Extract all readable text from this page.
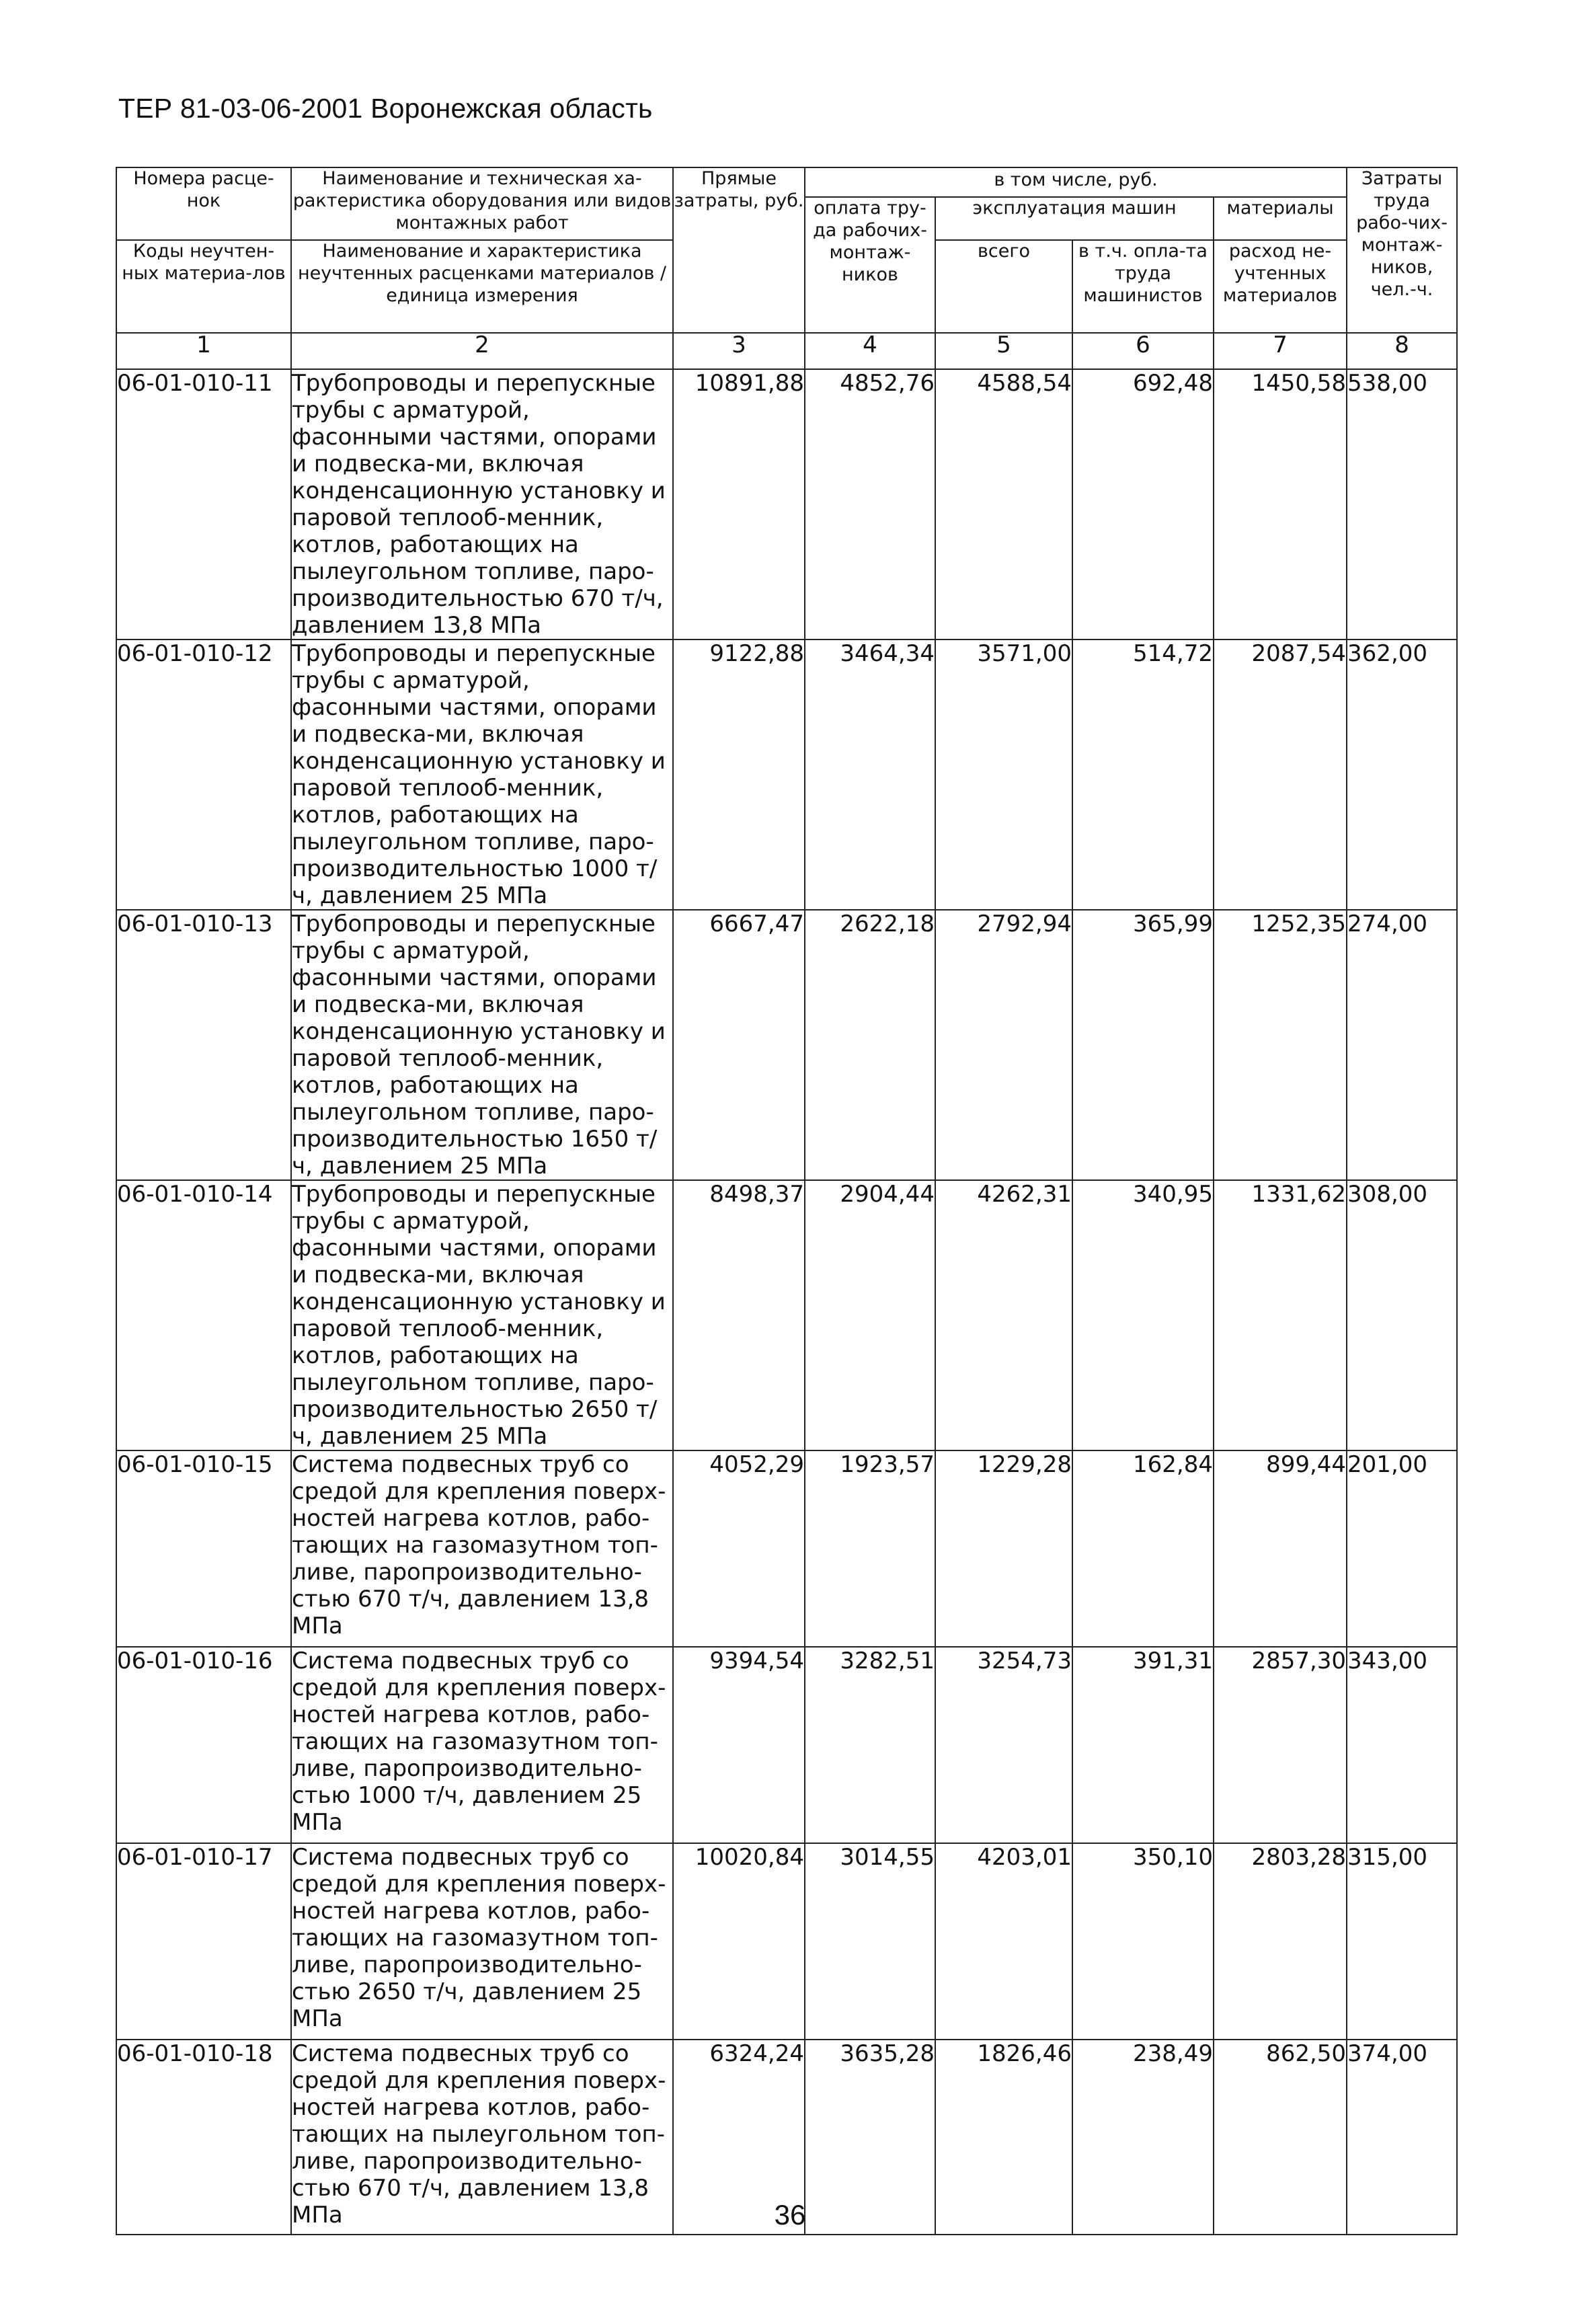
ТЕР 81-03-06-2001 Воронежская область
Номера расце-нок	Наименование и техническая ха-рактеристика оборудования или видов монтажных работ	Прямые затраты, руб.	в том числе, руб.				Затраты труда рабо-чих-монтаж-ников, чел.-ч.
			оплата тру-да рабочих-монтаж-ников	эксплуатация машин		материалы	
Коды неучтен-ных материа-лов	Наименование и характеристика неучтенных расценками материалов / единица измерения			всего	в т.ч. опла-та труда машинистов	расход не-учтенных материалов	

1	2	3	4	5	6	7	8
06-01-010-11	Трубопроводы и перепускные трубы с арматурой, фасонными частями, опорами и подвеска-ми, включая конденсационную установку и паровой теплооб-менник, котлов, работающих на пылеугольном топливе, паро-производительностью 670 т/ч, давлением 13,8 МПа	10891,88	4852,76	4588,54	692,48	1450,58	538,00
06-01-010-12	Трубопроводы и перепускные трубы с арматурой, фасонными частями, опорами и подвеска-ми, включая конденсационную установку и паровой теплооб-менник, котлов, работающих на пылеугольном топливе, паро-производительностью 1000 т/ч, давлением 25 МПа	9122,88	3464,34	3571,00	514,72	2087,54	362,00
06-01-010-13	Трубопроводы и перепускные трубы с арматурой, фасонными частями, опорами и подвеска-ми, включая конденсационную установку и паровой теплооб-менник, котлов, работающих на пылеугольном топливе, паро-производительностью 1650 т/ч, давлением 25 МПа	6667,47	2622,18	2792,94	365,99	1252,35	274,00
06-01-010-14	Трубопроводы и перепускные трубы с арматурой, фасонными частями, опорами и подвеска-ми, включая конденсационную установку и паровой теплооб-менник, котлов, работающих на пылеугольном топливе, паро-производительностью 2650 т/ч, давлением 25 МПа	8498,37	2904,44	4262,31	340,95	1331,62	308,00
06-01-010-15	Система подвесных труб со средой для крепления поверх-ностей нагрева котлов, рабо-тающих на газомазутном топ-ливе, паропроизводительно-стью 670 т/ч, давлением 13,8 МПа	4052,29	1923,57	1229,28	162,84	899,44	201,00
06-01-010-16	Система подвесных труб со средой для крепления поверх-ностей нагрева котлов, рабо-тающих на газомазутном топ-ливе, паропроизводительно-стью 1000 т/ч, давлением 25 МПа	9394,54	3282,51	3254,73	391,31	2857,30	343,00
06-01-010-17	Система подвесных труб со средой для крепления поверх-ностей нагрева котлов, рабо-тающих на газомазутном топ-ливе, паропроизводительно-стью 2650 т/ч, давлением 25 МПа	10020,84	3014,55	4203,01	350,10	2803,28	315,00
06-01-010-18	Система подвесных труб со средой для крепления поверх-ностей нагрева котлов, рабо-тающих на пылеугольном топ-ливе, паропроизводительно-стью 670 т/ч, давлением 13,8 МПа	6324,24	3635,28	1826,46	238,49	862,50	374,00
36
